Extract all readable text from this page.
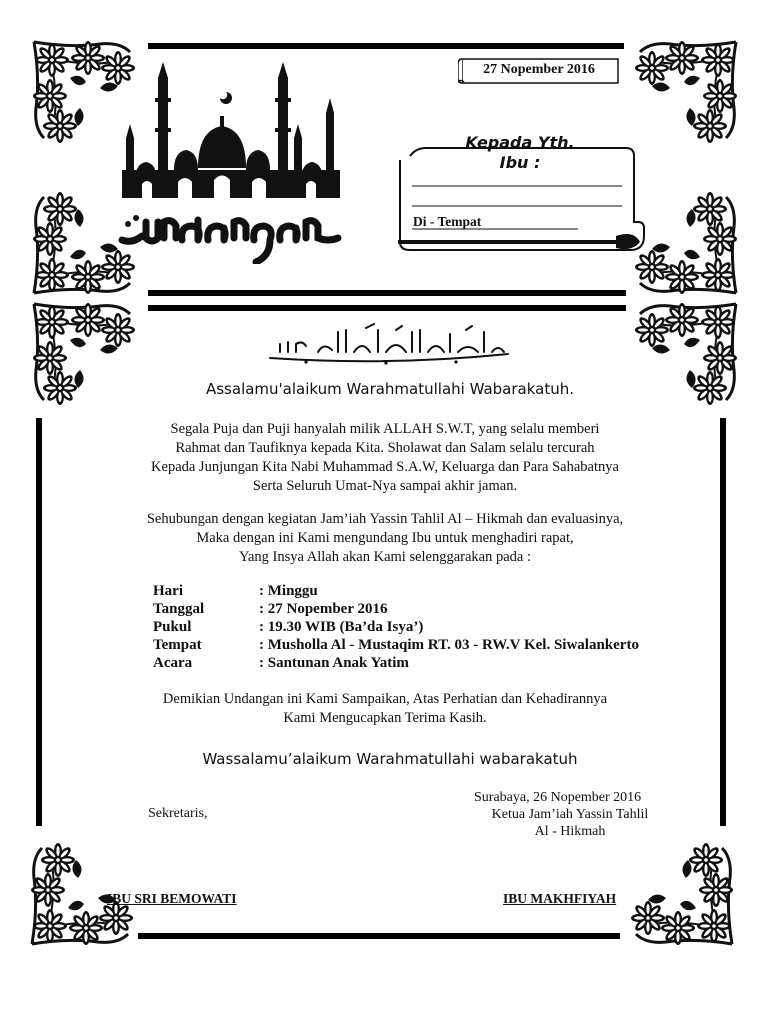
27 Nopember 2016
Kepada Yth.
Ibu :
Di - Tempat
Assalamu'alaikum Warahmatullahi Wabarakatuh.
Segala Puja dan Puji hanyalah milik ALLAH S.W.T, yang selalu memberi
Rahmat dan Taufiknya kepada Kita. Sholawat dan Salam selalu tercurah
Kepada Junjungan Kita Nabi Muhammad S.A.W, Keluarga dan Para Sahabatnya
Serta Seluruh Umat-Nya sampai akhir jaman.
Sehubungan dengan kegiatan Jam’iah Yassin Tahlil Al – Hikmah dan evaluasinya,
Maka dengan ini Kami mengundang Ibu untuk menghadiri rapat,
Yang Insya Allah akan Kami selenggarakan pada :
Hari	: Minggu
Tanggal	: 27 Nopember 2016
Pukul	: 19.30 WIB (Ba’da Isya’)
Tempat	: Musholla Al - Mustaqim RT. 03 - RW.V Kel. Siwalankerto
Acara	: Santunan Anak Yatim
Demikian Undangan ini Kami Sampaikan, Atas Perhatian dan Kehadirannya
Kami Mengucapkan Terima Kasih.
Wassalamu’alaikum Warahmatullahi wabarakatuh
Surabaya, 26 Nopember 2016
Sekretaris,	Ketua Jam’iah Yassin Tahlil
Al - Hikmah
IBU SRI BEMOWATI	IBU MAKHFIYAH
